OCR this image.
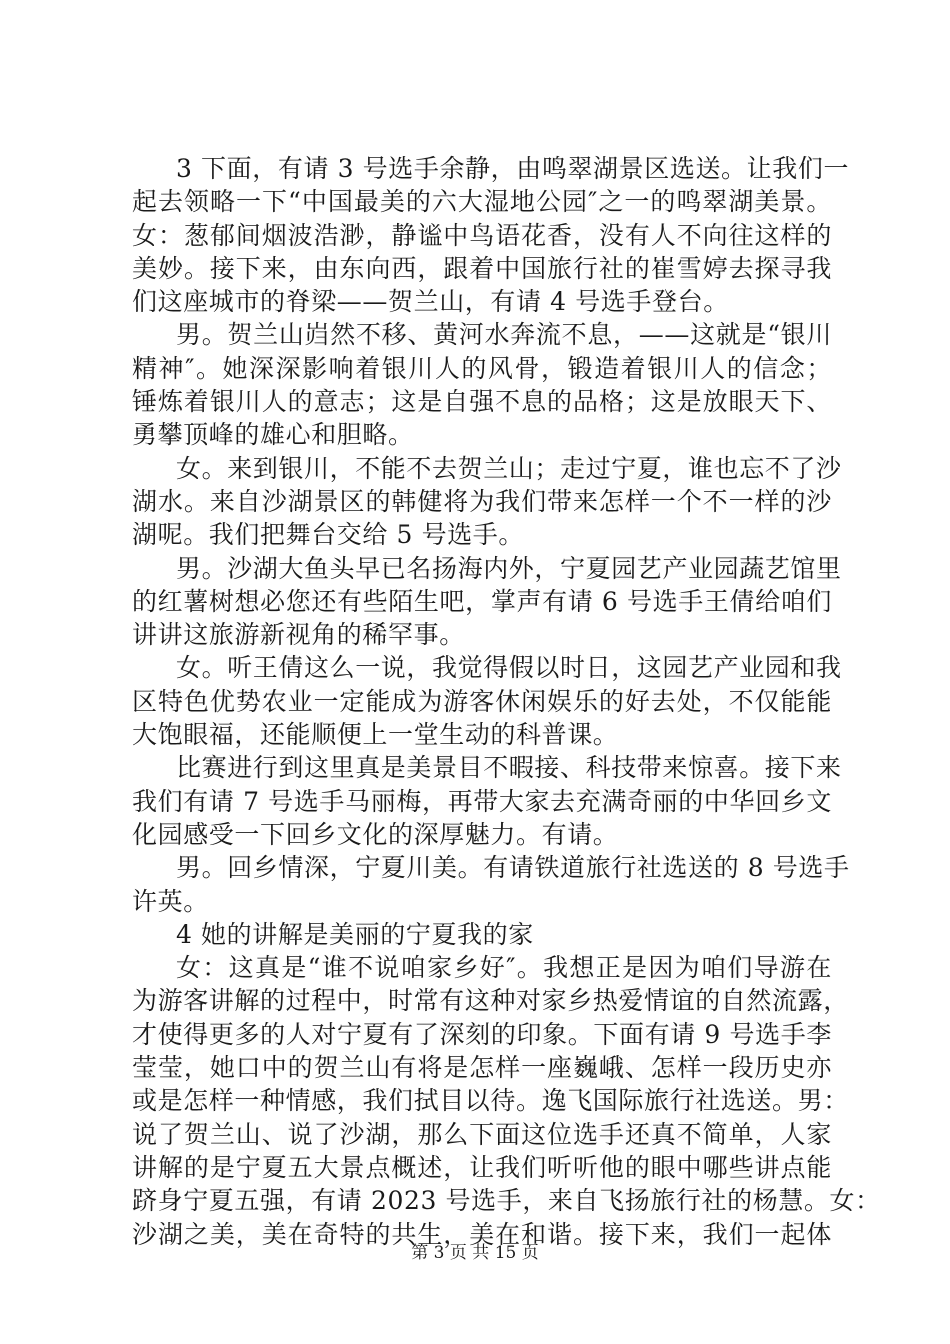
3 下面，有请 3 号选手余静，由鸣翠湖景区选送。让我们一
起去领略一下“中国最美的六大湿地公园″之一的鸣翠湖美景。
女：葱郁间烟波浩渺，静谧中鸟语花香，没有人不向往这样的
美妙。接下来，由东向西，跟着中国旅行社的崔雪婷去探寻我
们这座城市的脊梁——贺兰山，有请 4 号选手登台。
男。贺兰山岿然不移、黄河水奔流不息，——这就是“银川
精神″。她深深影响着银川人的风骨，锻造着银川人的信念；
锤炼着银川人的意志；这是自强不息的品格；这是放眼天下、
勇攀顶峰的雄心和胆略。
女。来到银川，不能不去贺兰山；走过宁夏，谁也忘不了沙
湖水。来自沙湖景区的韩健将为我们带来怎样一个不一样的沙
湖呢。我们把舞台交给 5 号选手。
男。沙湖大鱼头早已名扬海内外，宁夏园艺产业园蔬艺馆里
的红薯树想必您还有些陌生吧，掌声有请 6 号选手王倩给咱们
讲讲这旅游新视角的稀罕事。
女。听王倩这么一说，我觉得假以时日，这园艺产业园和我
区特色优势农业一定能成为游客休闲娱乐的好去处，不仅能能
大饱眼福，还能顺便上一堂生动的科普课。
比赛进行到这里真是美景目不暇接、科技带来惊喜。接下来
我们有请 7 号选手马丽梅，再带大家去充满奇丽的中华回乡文
化园感受一下回乡文化的深厚魅力。有请。
男。回乡情深，宁夏川美。有请铁道旅行社选送的 8 号选手
许英。
4 她的讲解是美丽的宁夏我的家
女：这真是“谁不说咱家乡好″。我想正是因为咱们导游在
为游客讲解的过程中，时常有这种对家乡热爱情谊的自然流露，
才使得更多的人对宁夏有了深刻的印象。下面有请 9 号选手李
莹莹，她口中的贺兰山有将是怎样一座巍峨、怎样一段历史亦
或是怎样一种情感，我们拭目以待。逸飞国际旅行社选送。男：
说了贺兰山、说了沙湖，那么下面这位选手还真不简单，人家
讲解的是宁夏五大景点概述，让我们听听他的眼中哪些讲点能
跻身宁夏五强，有请 2023 号选手，来自飞扬旅行社的杨慧。女：
沙湖之美，美在奇特的共生，美在和谐。接下来，我们一起体
第 3 页 共 15 页
